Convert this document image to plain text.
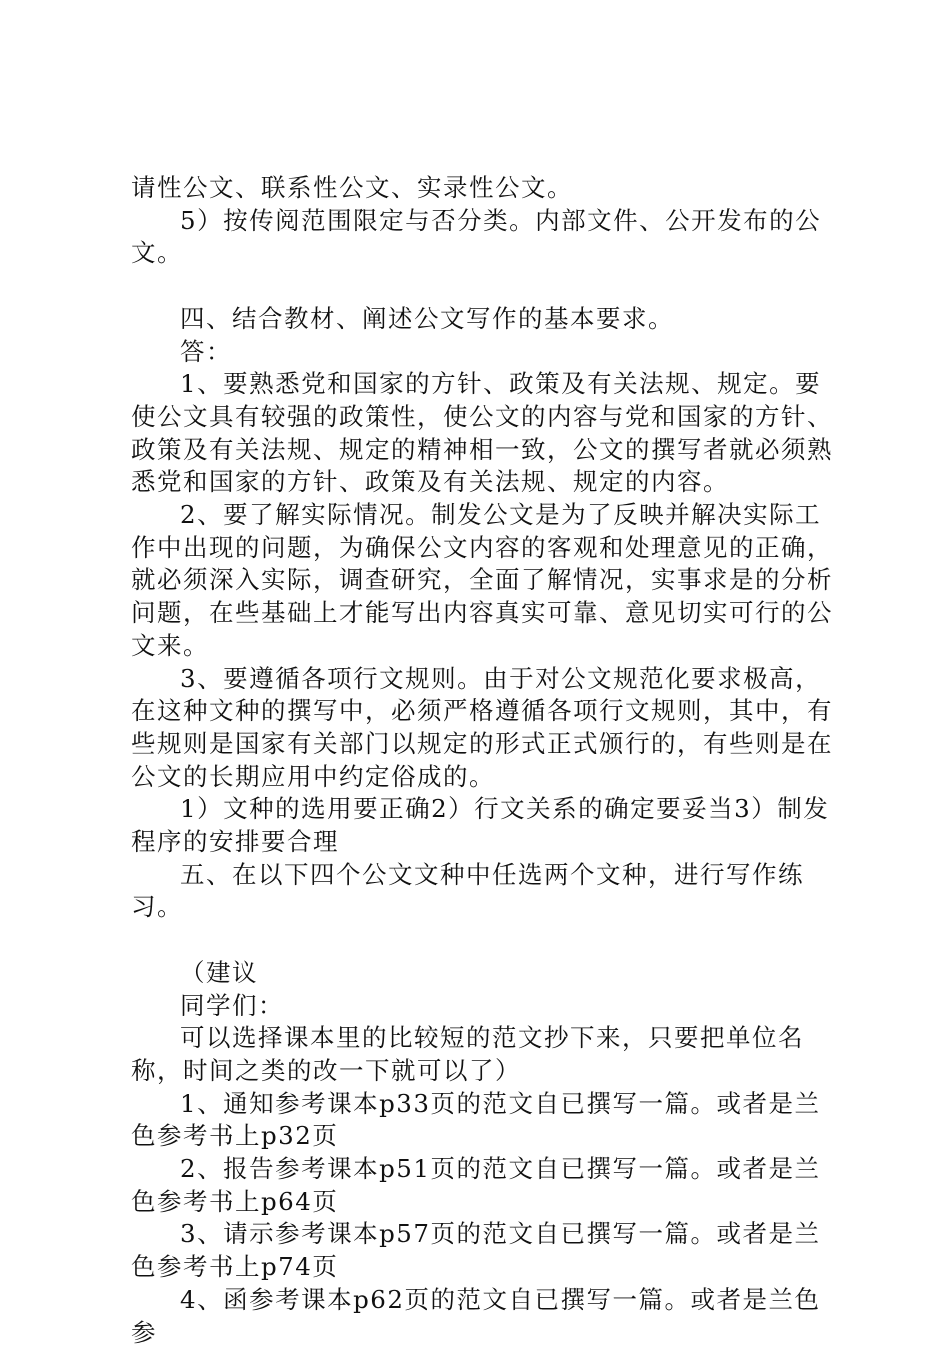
请性公文、联系性公文、实录性公文。

5）按传阅范围限定与否分类。内部文件、公开发布的公文。

四、结合教材、阐述公文写作的基本要求。

答：

1、要熟悉党和国家的方针、政策及有关法规、规定。要使公文具有较强的政策性，使公文的内容与党和国家的方针、政策及有关法规、规定的精神相一致，公文的撰写者就必须熟悉党和国家的方针、政策及有关法规、规定的内容。

2、要了解实际情况。制发公文是为了反映并解决实际工作中出现的问题，为确保公文内容的客观和处理意见的正确，就必须深入实际，调查研究，全面了解情况，实事求是的分析问题，在些基础上才能写出内容真实可靠、意见切实可行的公文来。

3、要遵循各项行文规则。由于对公文规范化要求极高，在这种文种的撰写中，必须严格遵循各项行文规则，其中，有些规则是国家有关部门以规定的形式正式颁行的，有些则是在公文的长期应用中约定俗成的。

1）文种的选用要正确2）行文关系的确定要妥当3）制发程序的安排要合理

五、在以下四个公文文种中任选两个文种，进行写作练习。

（建议

同学们：

可以选择课本里的比较短的范文抄下来，只要把单位名称，时间之类的改一下就可以了）

1、通知参考课本p33页的范文自已撰写一篇。或者是兰色参考书上p32页

2、报告参考课本p51页的范文自已撰写一篇。或者是兰色参考书上p64页

3、请示参考课本p57页的范文自已撰写一篇。或者是兰色参考书上p74页

4、函参考课本p62页的范文自已撰写一篇。或者是兰色参
